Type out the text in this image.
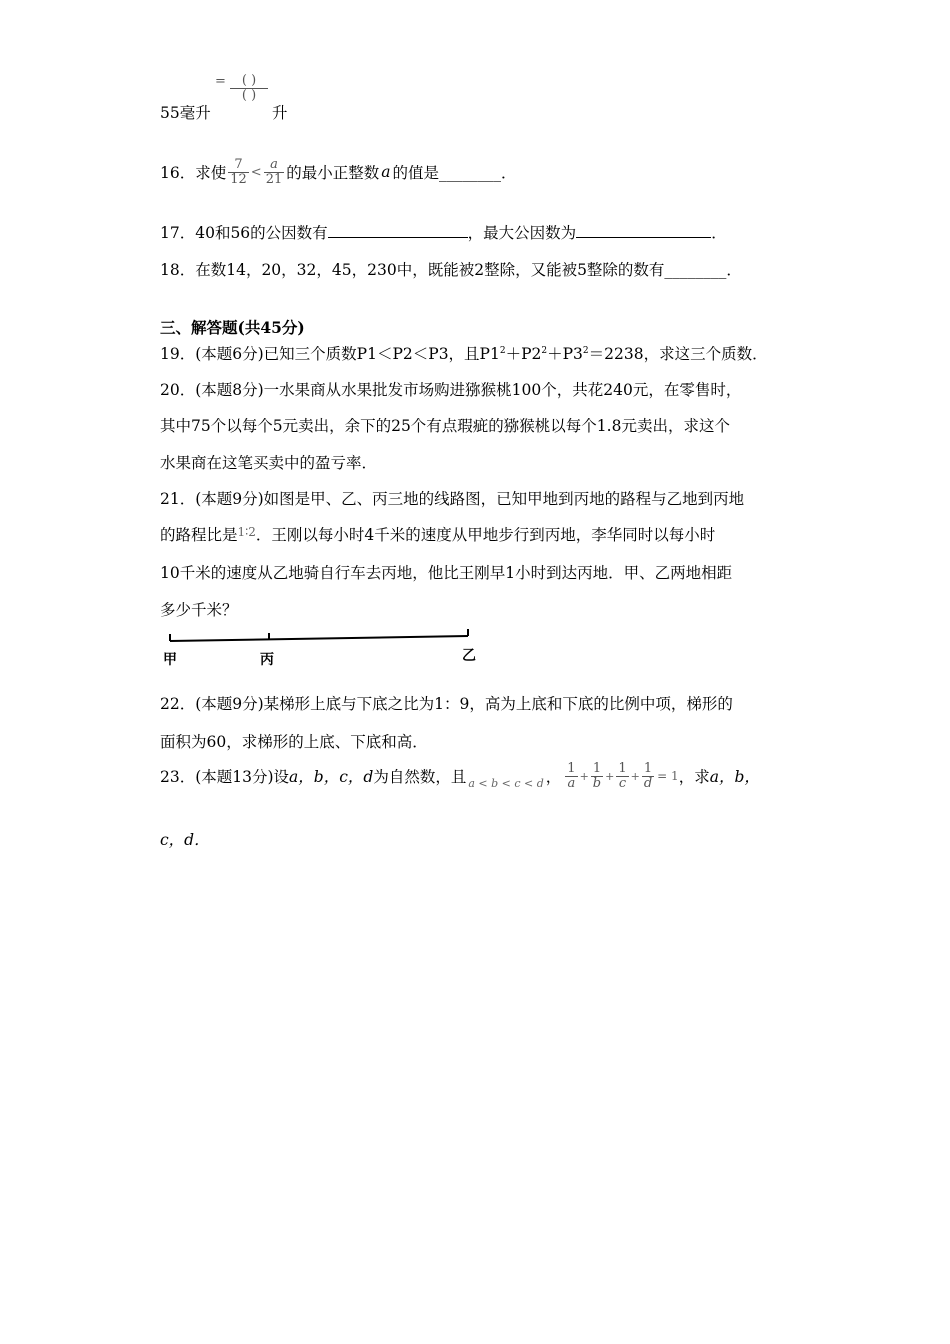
= $\frac{( )}{( )}$
55毫升	升
16．求使 $\frac{7}{12} < \frac{a}{21}$ 的最小正整数 a 的值是________．
17．40和56的公因数有	，最大公因数为	．
18．在数14，20，32，45，230中，既能被2整除，又能被5整除的数有________．
三、解答题(共45分)
19．(本题6分)已知三个质数P1＜P2＜P3，且$P1^2+P2^2+P3^2=2238$，求这三个质数．
20．(本题8分)一水果商从水果批发市场购进猕猴桃100个，共花240元，在零售时，
其中75个以每个5元卖出，余下的25个有点瑕疵的猕猴桃以每个1.8元卖出，求这个
水果商在这笔买卖中的盈亏率．
21．(本题9分)如图是甲、乙、丙三地的线路图，已知甲地到丙地的路程与乙地到丙地
的路程比是$^{1∶2}$．王刚以每小时4千米的速度从甲地步行到丙地，李华同时以每小时
10千米的速度从乙地骑自行车去丙地，他比王刚早1小时到达丙地．甲、乙两地相距
多少千米？
甲	丙	乙
22．(本题9分)某梯形上底与下底之比为1：9，高为上底和下底的比例中项，梯形的
面积为60，求梯形的上底、下底和高．
23．(本题13分)设 a，b，c，d 为自然数，且 a < b < c < d ， $\frac{1}{a} + \frac{1}{b} + \frac{1}{c} + \frac{1}{d} = 1$ ，求 a，b，
c，d．
